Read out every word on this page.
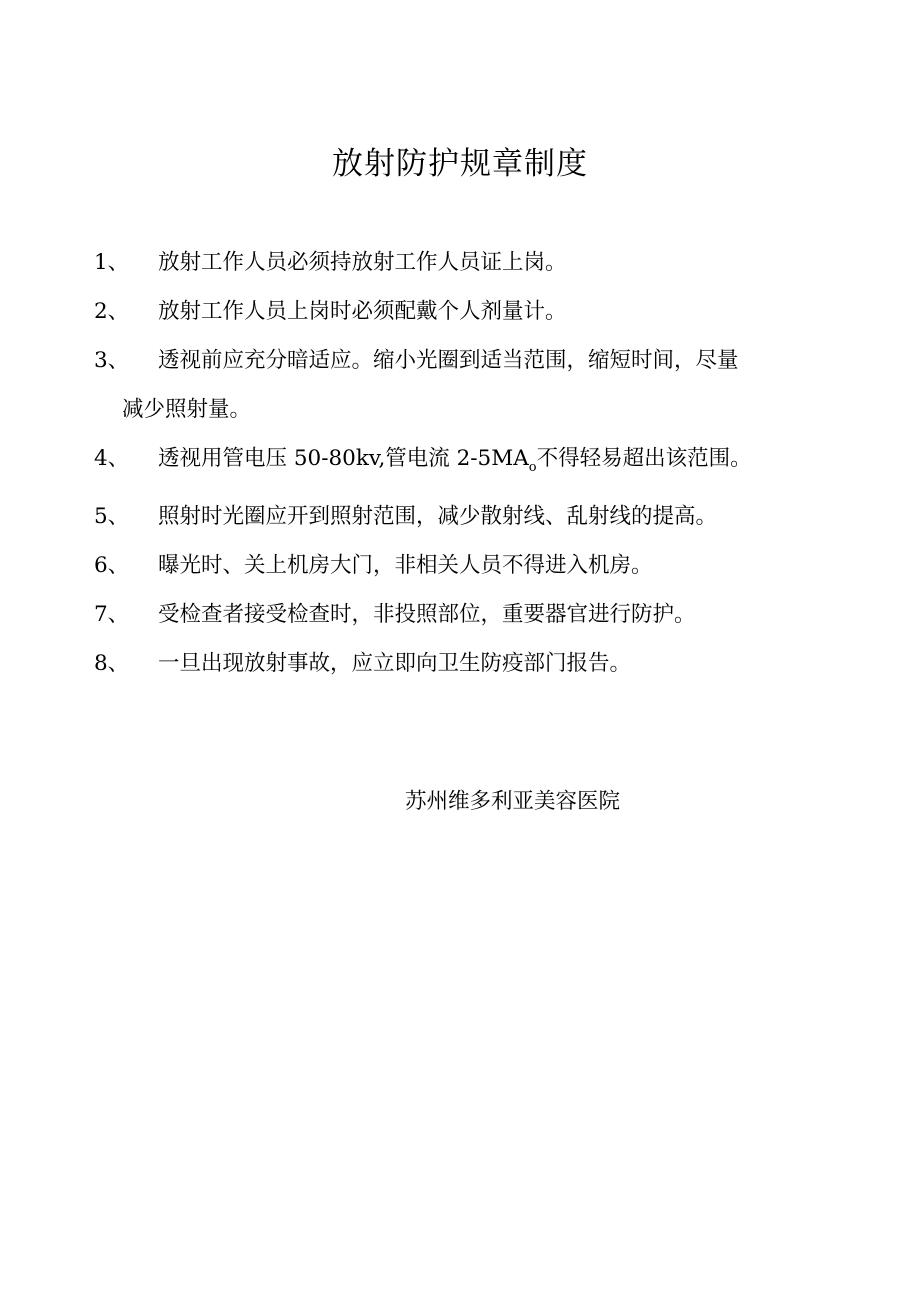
放射防护规章制度
1、	放射工作人员必须持放射工作人员证上岗。
2、	放射工作人员上岗时必须配戴个人剂量计。
3、	透视前应充分暗适应。缩小光圈到适当范围，缩短时间，尽量
减少照射量。
4、	透视用管电压 50-80kv,管电流 $2-5MA_o$不得轻易超出该范围。
5、	照射时光圈应开到照射范围，减少散射线、乱射线的提高。
6、	曝光时、关上机房大门，非相关人员不得进入机房。
7、	受检查者接受检查时，非投照部位，重要器官进行防护。
8、	一旦出现放射事故，应立即向卫生防疫部门报告。
苏州维多利亚美容医院
